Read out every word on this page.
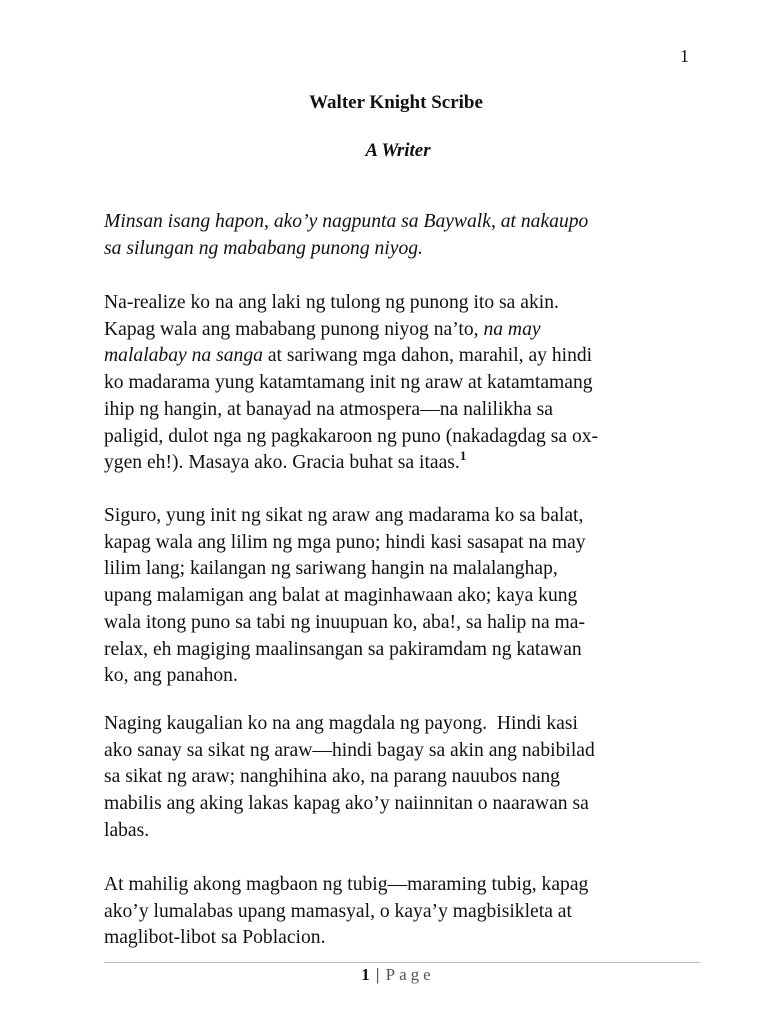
1
Walter Knight Scribe
A Writer

Minsan isang hapon, ako’y nagpunta sa Baywalk, at nakaupo

sa silungan ng mababang punong niyog.

Na-realize ko na ang laki ng tulong ng punong ito sa akin.

Kapag wala ang mababang punong niyog na’to, na may

malalabay na sanga at sariwang mga dahon, marahil, ay hindi

ko madarama yung katamtamang init ng araw at katamtamang

ihip ng hangin, at banayad na atmospera—na nalilikha sa

paligid, dulot nga ng pagkakaroon ng puno (nakadagdag sa ox-

ygen eh!). Masaya ako. Gracia buhat sa itaas.$^1$

Siguro, yung init ng sikat ng araw ang madarama ko sa balat,

kapag wala ang lilim ng mga puno; hindi kasi sasapat na may

lilim lang; kailangan ng sariwang hangin na malalanghap,

upang malamigan ang balat at maginhawaan ako; kaya kung

wala itong puno sa tabi ng inuupuan ko, aba!, sa halip na ma-

relax, eh magiging maalinsangan sa pakiramdam ng katawan

ko, ang panahon.

Naging kaugalian ko na ang magdala ng payong.  Hindi kasi

ako sanay sa sikat ng araw—hindi bagay sa akin ang nabibilad

sa sikat ng araw; nanghihina ako, na parang nauubos nang

mabilis ang aking lakas kapag ako’y naiinnitan o naarawan sa

labas.

At mahilig akong magbaon ng tubig—maraming tubig, kapag

ako’y lumalabas upang mamasyal, o kaya’y magbisikleta at

maglibot-libot sa Poblacion.

1 | Page
